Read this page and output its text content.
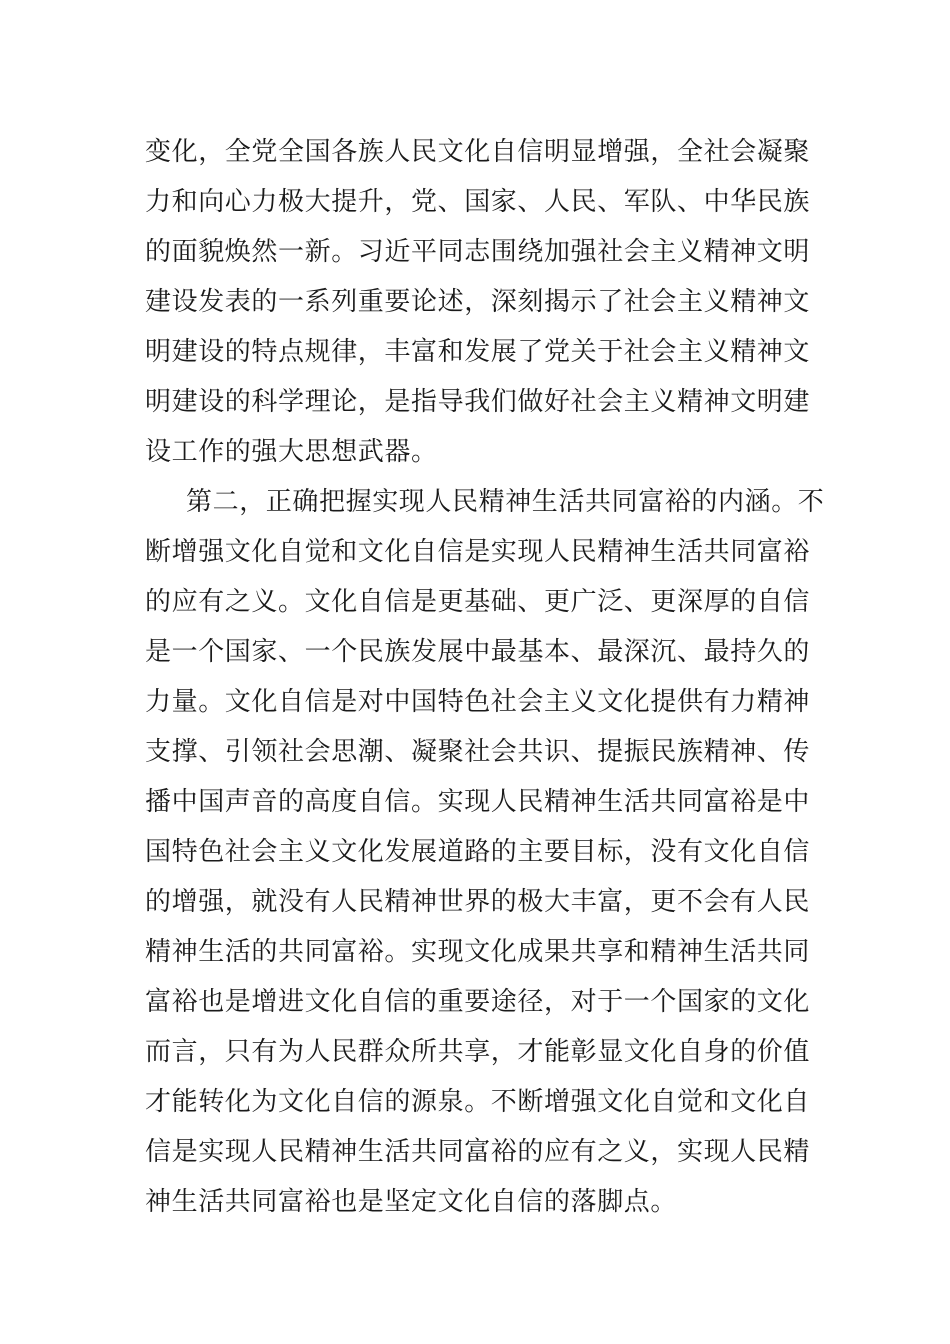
变化，全党全国各族人民文化自信明显增强，全社会凝聚

力和向心力极大提升，党、国家、人民、军队、中华民族

的面貌焕然一新。习近平同志围绕加强社会主义精神文明

建设发表的一系列重要论述，深刻揭示了社会主义精神文

明建设的特点规律，丰富和发展了党关于社会主义精神文

明建设的科学理论，是指导我们做好社会主义精神文明建

设工作的强大思想武器。

第二，正确把握实现人民精神生活共同富裕的内涵。不

断增强文化自觉和文化自信是实现人民精神生活共同富裕

的应有之义。文化自信是更基础、更广泛、更深厚的自信

是一个国家、一个民族发展中最基本、最深沉、最持久的

力量。文化自信是对中国特色社会主义文化提供有力精神

支撑、引领社会思潮、凝聚社会共识、提振民族精神、传

播中国声音的高度自信。实现人民精神生活共同富裕是中

国特色社会主义文化发展道路的主要目标，没有文化自信

的增强，就没有人民精神世界的极大丰富，更不会有人民

精神生活的共同富裕。实现文化成果共享和精神生活共同

富裕也是增进文化自信的重要途径，对于一个国家的文化

而言，只有为人民群众所共享，才能彰显文化自身的价值

才能转化为文化自信的源泉。不断增强文化自觉和文化自

信是实现人民精神生活共同富裕的应有之义，实现人民精

神生活共同富裕也是坚定文化自信的落脚点。
